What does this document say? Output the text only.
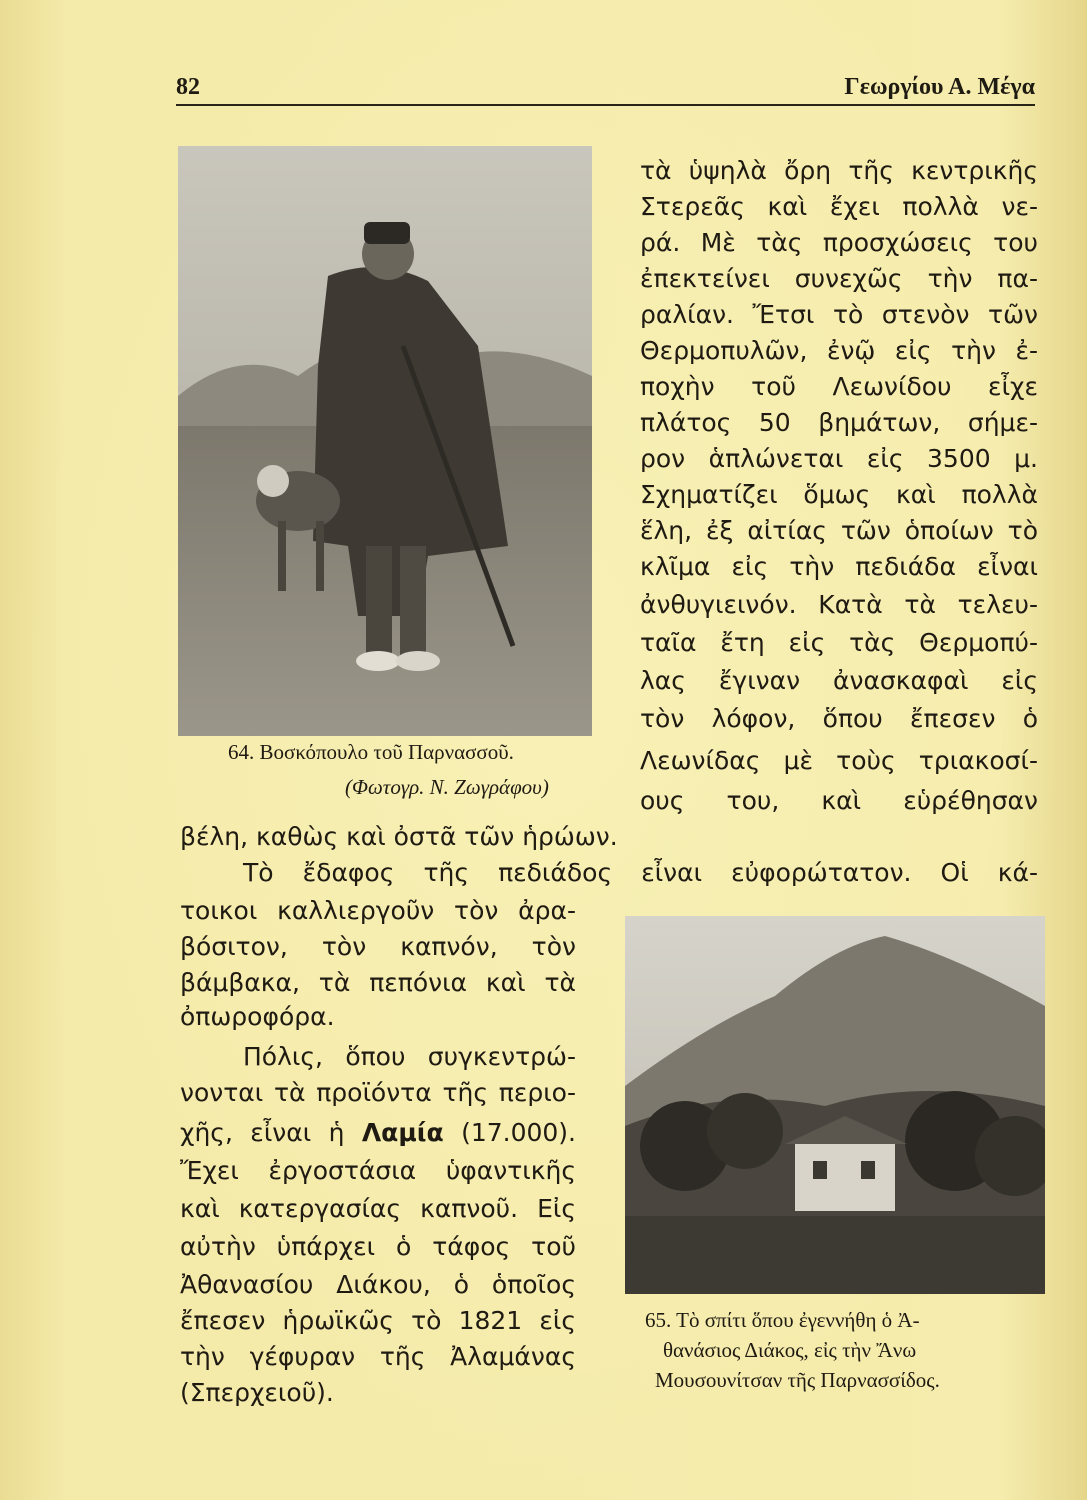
82	Γεωργίου Α. Μέγα
64. Βοσκόπουλο τοῦ Παρνασσοῦ.
(Φωτογρ. Ν. Ζωγράφου)
τὰ ὑψηλὰ ὄρη τῆς κεντρικῆς
Στερεᾶς καὶ ἔχει πολλὰ νε-
ρά. Μὲ τὰς προσχώσεις του
ἐπεκτείνει συνεχῶς τὴν πα-
ραλίαν. Ἔτσι τὸ στενὸν τῶν
Θερμοπυλῶν, ἐνῷ εἰς τὴν ἐ-
ποχὴν τοῦ Λεωνίδου εἶχε
πλάτος 50 βημάτων, σήμε-
ρον ἁπλώνεται εἰς 3500 μ.
Σχηματίζει ὅμως καὶ πολλὰ
ἕλη, ἐξ αἰτίας τῶν ὁποίων τὸ
κλῖμα εἰς τὴν πεδιάδα εἶναι
ἀνθυγιεινόν. Κατὰ τὰ τελευ-
ταῖα ἔτη εἰς τὰς Θερμοπύ-
λας ἔγιναν ἀνασκαφαὶ εἰς
τὸν λόφον, ὅπου ἔπεσεν ὁ
Λεωνίδας μὲ τοὺς τριακοσί-
ους του, καὶ εὑρέθησαν
βέλη, καθὼς καὶ ὀστᾶ τῶν ἡρώων.
Τὸ ἔδαφος τῆς πεδιάδος εἶναι εὐφορώτατον. Οἱ κά-
τοικοι καλλιεργοῦν τὸν ἀρα-
βόσιτον, τὸν καπνόν, τὸν
βάμβακα, τὰ πεπόνια καὶ τὰ
ὀπωροφόρα.
Πόλις, ὅπου συγκεντρώ-
νονται τὰ προϊόντα τῆς περιο-
χῆς, εἶναι ἡ Λαμία (17.000).
Ἔχει ἐργοστάσια ὑφαντικῆς
καὶ κατεργασίας καπνοῦ. Εἰς
αὐτὴν ὑπάρχει ὁ τάφος τοῦ
Ἀθανασίου Διάκου, ὁ ὁποῖος
ἔπεσεν ἡρωϊκῶς τὸ 1821 εἰς
τὴν γέφυραν τῆς Ἀλαμάνας
(Σπερχειοῦ).
65. Τὸ σπίτι ὅπου ἐγεννήθη ὁ Ἀ-
θανάσιος Διάκος, εἰς τὴν Ἄνω
Μουσουνίτσαν τῆς Παρνασσίδος.
